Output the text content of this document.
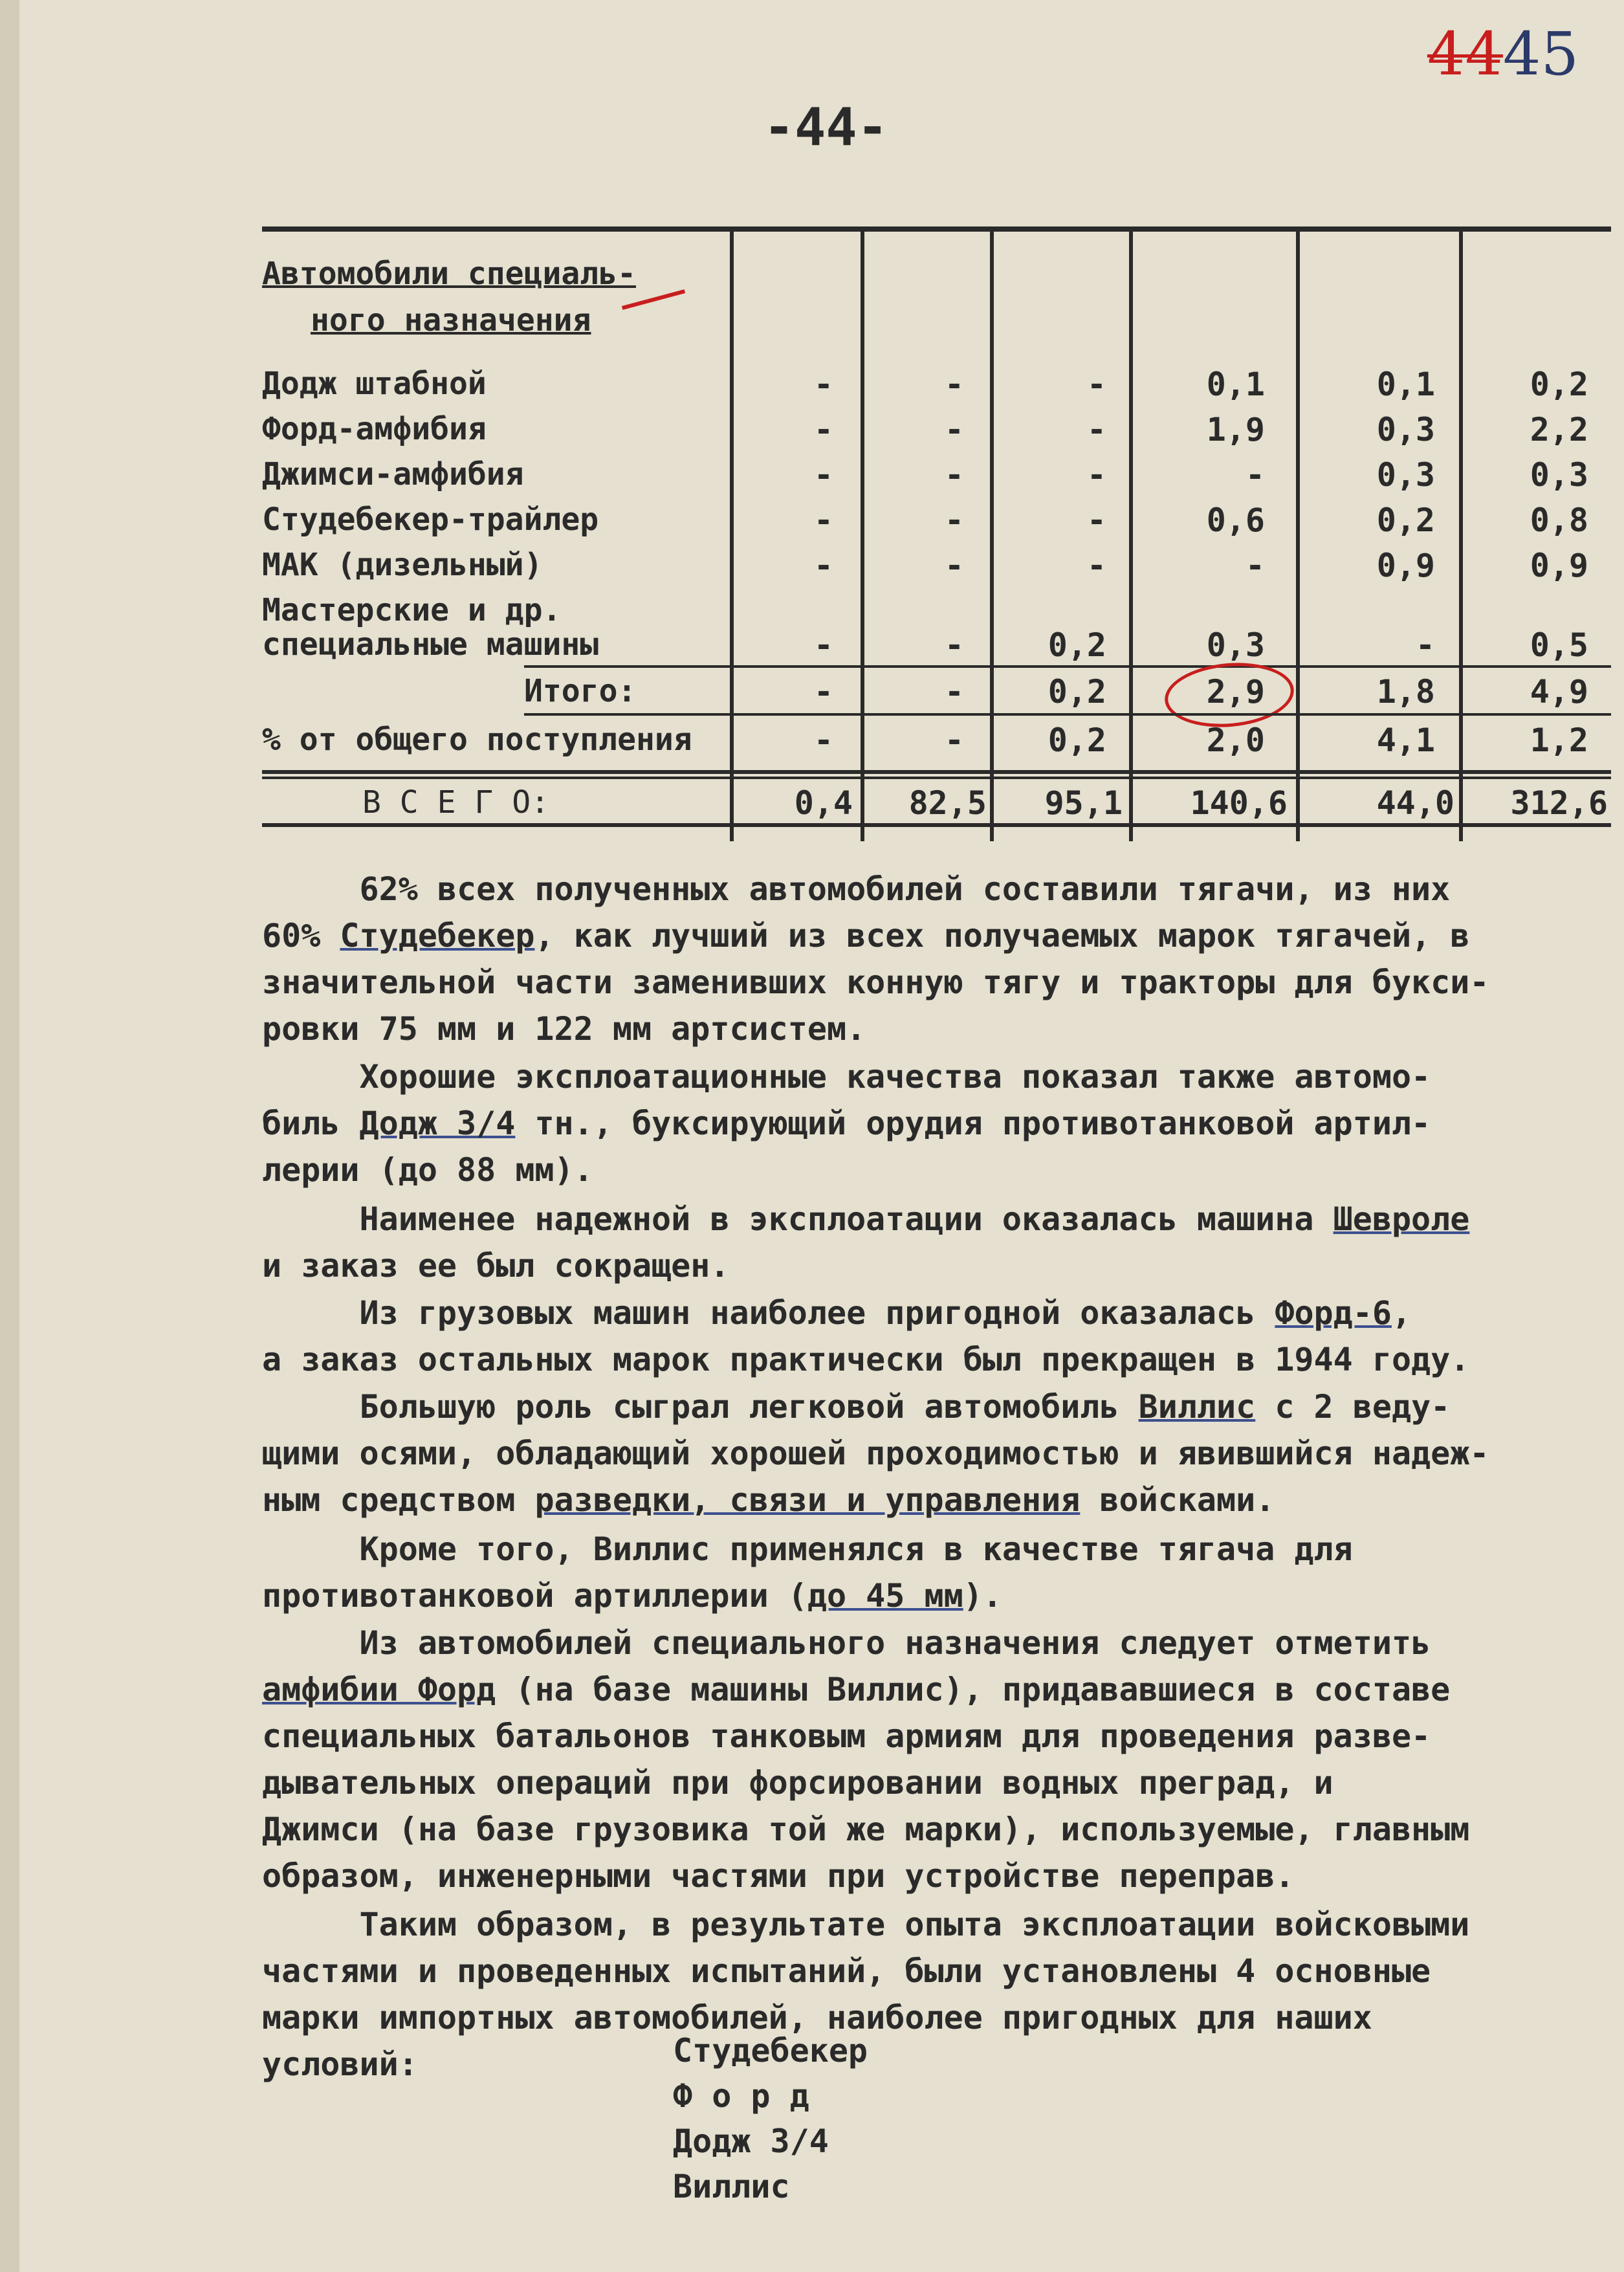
4445
-44-
Автомобили специаль-
ного назначения
Додж штабной	-	-	-	0,1	0,1	0,2
Форд-амфибия	-	-	-	1,9	0,3	2,2
Джимси-амфибия	-	-	-	-	0,3	0,3
Студебекер-трайлер	-	-	-	0,6	0,2	0,8
МАК (дизельный)	-	-	-	-	0,9	0,9
Мастерские и др.
специальные машины	-	-	0,2	0,3	-	0,5
Итого:	-	-	0,2	2,9	1,8	4,9
% от общего поступления	-	-	0,2	2,0	4,1	1,2
В С Е Г О:	0,4	82,5	95,1	140,6	44,0	312,6
62% всех полученных автомобилей составили тягачи, из них
60% Студебекер, как лучший из всех получаемых марок тягачей, в
значительной части заменивших конную тягу и тракторы для букси-
ровки 75 мм и 122 мм артсистем.
Хорошие эксплоатационные качества показал также автомо-
биль Додж 3/4 тн., буксирующий орудия противотанковой артил-
лерии (до 88 мм).
Наименее надежной в эксплоатации оказалась машина Шевроле
и заказ ее был сокращен.
Из грузовых машин наиболее пригодной оказалась Форд-6,
а заказ остальных марок практически был прекращен в 1944 году.
Большую роль сыграл легковой автомобиль Виллис с 2 веду-
щими осями, обладающий хорошей проходимостью и явившийся надеж-
ным средством разведки, связи и управления войсками.
Кроме того, Виллис применялся в качестве тягача для
противотанковой артиллерии (до 45 мм).
Из автомобилей специального назначения следует отметить
амфибии Форд (на базе машины Виллис), придававшиеся в составе
специальных батальонов танковым армиям для проведения разве-
дывательных операций при форсировании водных преград, и
Джимси (на базе грузовика той же марки), используемые, главным
образом, инженерными частями при устройстве переправ.
Таким образом, в результате опыта эксплоатации войсковыми
частями и проведенных испытаний, были установлены 4 основные
марки импортных автомобилей, наиболее пригодных для наших
условий:	Студебекер
Ф о р д
Додж 3/4
Виллис
